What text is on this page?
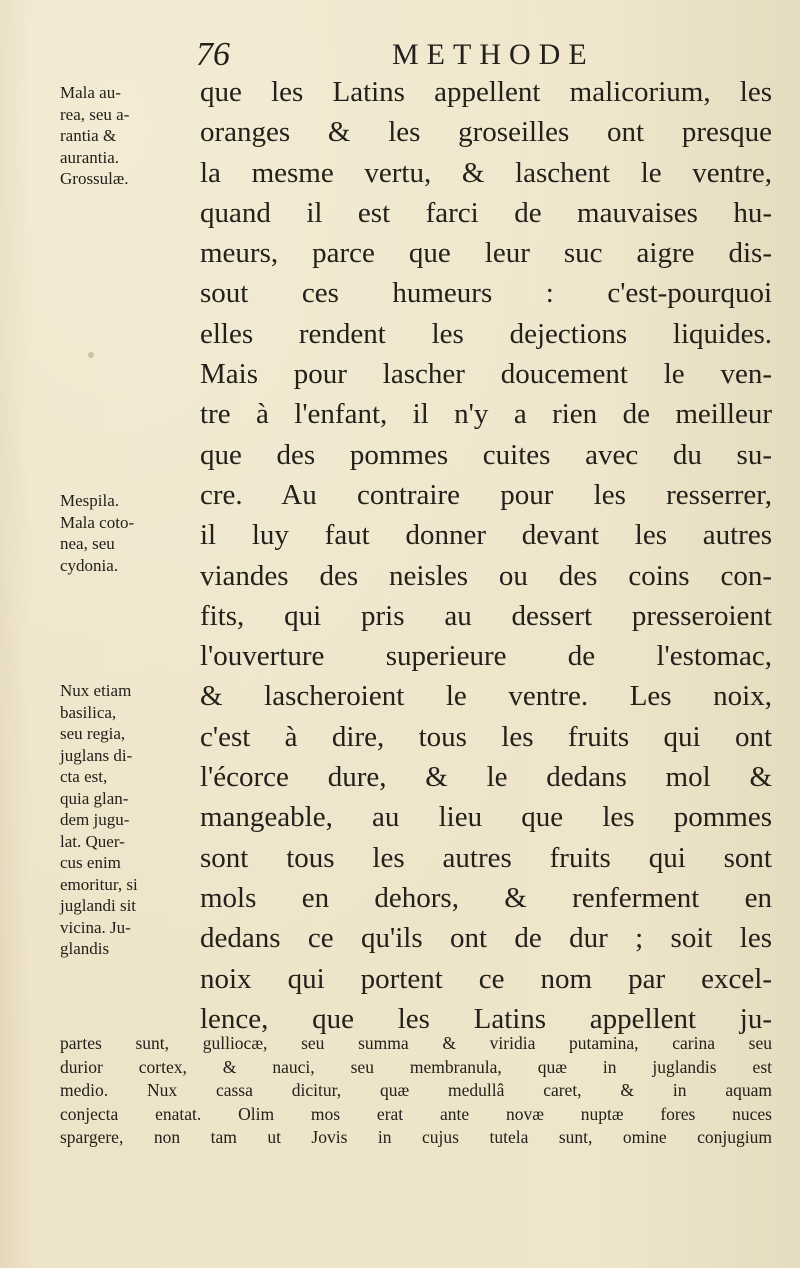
76	METHODE
que les Latins appellent malicorium, les
oranges & les groseilles ont presque
la mesme vertu, & laschent le ventre,
quand il est farci de mauvaises hu-
meurs, parce que leur suc aigre dis-
sout ces humeurs : c'est-pourquoi
elles rendent les dejections liquides.
Mais pour lascher doucement le ven-
tre à l'enfant, il n'y a rien de meilleur
que des pommes cuites avec du su-
cre. Au contraire pour les resserrer,
il luy faut donner devant les autres
viandes des neisles ou des coins con-
fits, qui pris au dessert presseroient
l'ouverture superieure de l'estomac,
& lascheroient le ventre. Les noix,
c'est à dire, tous les fruits qui ont
l'écorce dure, & le dedans mol &
mangeable, au lieu que les pommes
sont tous les autres fruits qui sont
mols en dehors, & renferment en
dedans ce qu'ils ont de dur ; soit les
noix qui portent ce nom par excel-
lence, que les Latins appellent ju-
Mala au-
rea, seu a-
rantia &
aurantia.
Grossulæ.
Mespila.
Mala coto-
nea, seu
cydonia.
Nux etiam
basilica,
seu regia,
juglans di-
cta est,
quia glan-
dem jugu-
lat. Quer-
cus enim
emoritur, si
juglandi sit
vicina. Ju-
glandis
partes sunt, gulliocæ, seu summa & viridia putamina, carina seu
durior cortex, & nauci, seu membranula, quæ in juglandis est
medio. Nux cassa dicitur, quæ medullâ caret, & in aquam
conjecta enatat. Olim mos erat ante novæ nuptæ fores nuces
spargere, non tam ut Jovis in cujus tutela sunt, omine conjugium
